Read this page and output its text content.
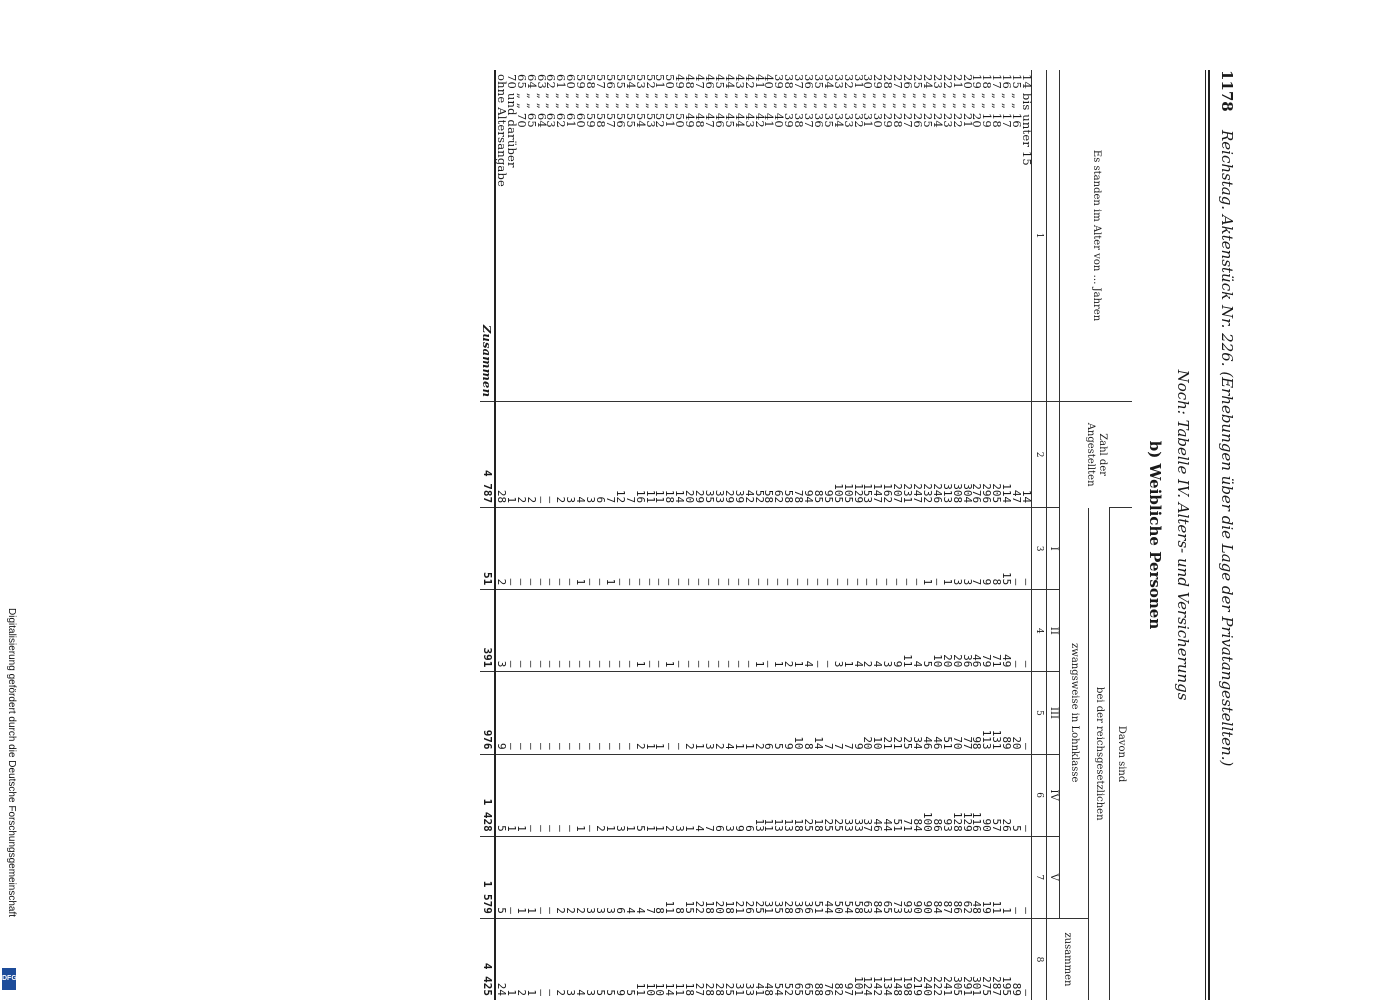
1178
Reichstag. Aktenstück Nr. 226. (Erhebungen über die Lage der Privatangestellten.)
Noch: Tabelle IV. Alters- und Versicherungs
b) Weibliche Personen
Es standen im Alter von … Jahren	Zahl der Angestellten	Davon sind					
		bei der reichsgesetzlichen					
		zwangsweise in Lohnklasse					zusammen
		I	II	III	IV	V	
1	2	3	4	5	6	7	8
14 bis unter 15	14	—	—	—	—	—	—
15 „ „ 16	47	—	—	20	5	—	89
16 „ „ 17	114	15	49	89	26	1	195
17 „ „ 18	205	8	71	131	57	11	287
18 „ „ 19	296	9	79	113	90	19	275
19 „ „ 20	276	7	46	98	116	48	301
20 „ „ 21	304	3	36	77	129	62	291
21 „ „ 22	308	3	20	70	128	86	305
22 „ „ 23	313	1	20	51	93	87	241
23 „ „ 24	246	—	10	46	86	84	222
24 „ „ 25	232	1	5	46	100	90	240
25 „ „ 26	247	—	4	34	84	90	219
26 „ „ 27	231	—	11	25	71	93	198
27 „ „ 28	207	—	9	21	51	73	148
28 „ „ 29	162	—	3	21	44	65	134
29 „ „ 30	147	—	4	10	46	84	142
30 „ „ 31	153	—	2	20	37	63	124
31 „ „ 32	129	—	4	9	33	58	101
32 „ „ 33	105	—	1	7	33	54	97
33 „ „ 34	105	—	3	7	25	50	82
34 „ „ 35	95	—	—	7	25	44	76
35 „ „ 36	85	—	—	14	18	51	88
36 „ „ 37	94	—	4	8	25	36	65
37 „ „ 38	78	—	1	10	18	36	65
38 „ „ 39	58	—	2	9	13	28	52
39 „ „ 40	62	—	1	5	13	35	54
40 „ „ 41	58	—	—	6	11	31	48
41 „ „ 42	52	—	1	2	13	25	41
42 „ „ 43	42	—	—	1	6	26	33
43 „ „ 44	39	—	—	1	9	21	31
44 „ „ 45	29	—	—	4	3	18	25
45 „ „ 46	33	—	—	2	6	20	28
46 „ „ 47	35	—	—	3	7	18	28
47 „ „ 48	29	—	—	1	4	22	27
48 „ „ 49	20	—	—	2	1	15	18
49 „ „ 50	14	—	—	—	3	8	11
50 „ „ 51	18	—	1	—	2	11	14
51 „ „ 52	11	—	—	1	1	8	10
52 „ „ 53	11	—	—	1	1	7	10
53 „ „ 54	16	—	1	2	5	4	11
54 „ „ 55	7	—	—	—	1	4	5
55 „ „ 56	12	—	—	—	3	6	9
56 „ „ 57	7	1	—	—	1	3	5
57 „ „ 58	6	—	—	—	2	3	5
58 „ „ 59	3	—	—	—	—	3	3
59 „ „ 60	4	1	—	—	1	2	4
60 „ „ 61	3	—	—	—	—	2	3
61 „ „ 62	2	—	—	—	—	2	2
62 „ „ 63	—	—	—	—	—	—	—
63 „ „ 64	—	—	—	—	—	—	—
64 „ „ 65	2	—	—	—	—	1	1
65 „ „ 70	2	—	—	—	1	1	2
70 und darüber	1	—	—	—	1	—	1
ohne Altersangabe	28	2	3	9	5	5	24
Zusammen	4 787	51	391	976	1 428	1 579	4 425
Digitalisierung gefördert durch die Deutsche Forschungsgemeinschaft
DFG
